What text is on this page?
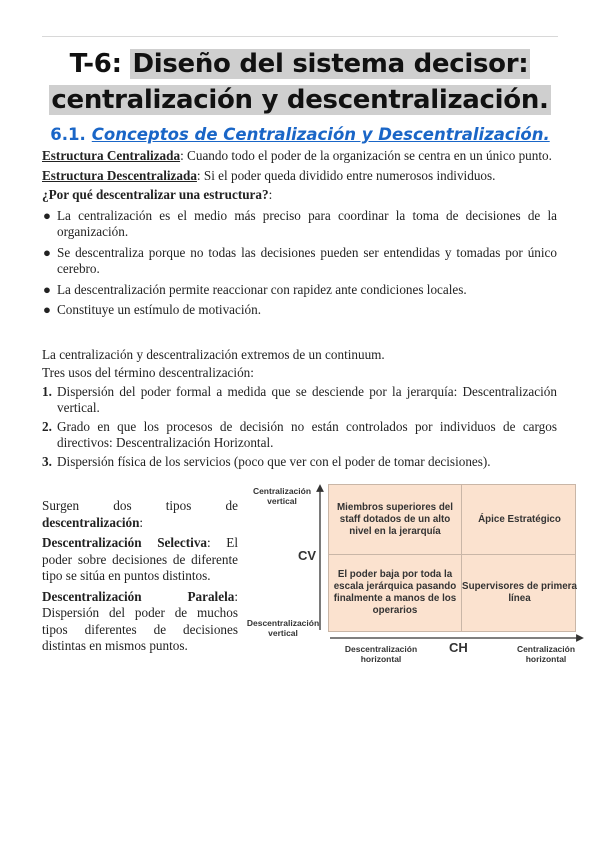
T-6: Diseño del sistema decisor:
centralización y descentralización.
6.1. Conceptos de Centralización y Descentralización.

Estructura Centralizada: Cuando todo el poder de la organización se centra en un único punto.

Estructura Descentralizada: Si el poder queda dividido entre numerosos individuos.

¿Por qué descentralizar una estructura?:

● La centralización es el medio más preciso para coordinar la toma de decisiones de la organización.
● Se descentraliza porque no todas las decisiones pueden ser entendidas y tomadas por único cerebro.
● La descentralización permite reaccionar con rapidez ante condiciones locales.
● Constituye un estímulo de motivación.

La centralización y descentralización extremos de un continuum.

Tres usos del término descentralización:

1. Dispersión del poder formal a medida que se desciende por la jerarquía: Descentralización vertical.
2. Grado en que los procesos de decisión no están controlados por individuos de cargos directivos: Descentralización Horizontal.
3. Dispersión física de los servicios (poco que ver con el poder de tomar decisiones).

Surgen	dos	tipos	de
descentralización:

Descentralización Selectiva: El poder sobre decisiones de diferente tipo se sitúa en puntos distintos.

Descentralización Paralela: Dispersión del poder de muchos tipos diferentes de decisiones distintas en mismos puntos.

Centralización vertical
CV
Descentralización vertical
Descentralización horizontal
CH	Centralización horizontal
Miembros superiores del staff dotados de un alto nivel en la jerarquía
Ápice Estratégico
El poder baja por toda la escala jerárquica pasando finalmente a manos de los operarios
Supervisores de primera línea
